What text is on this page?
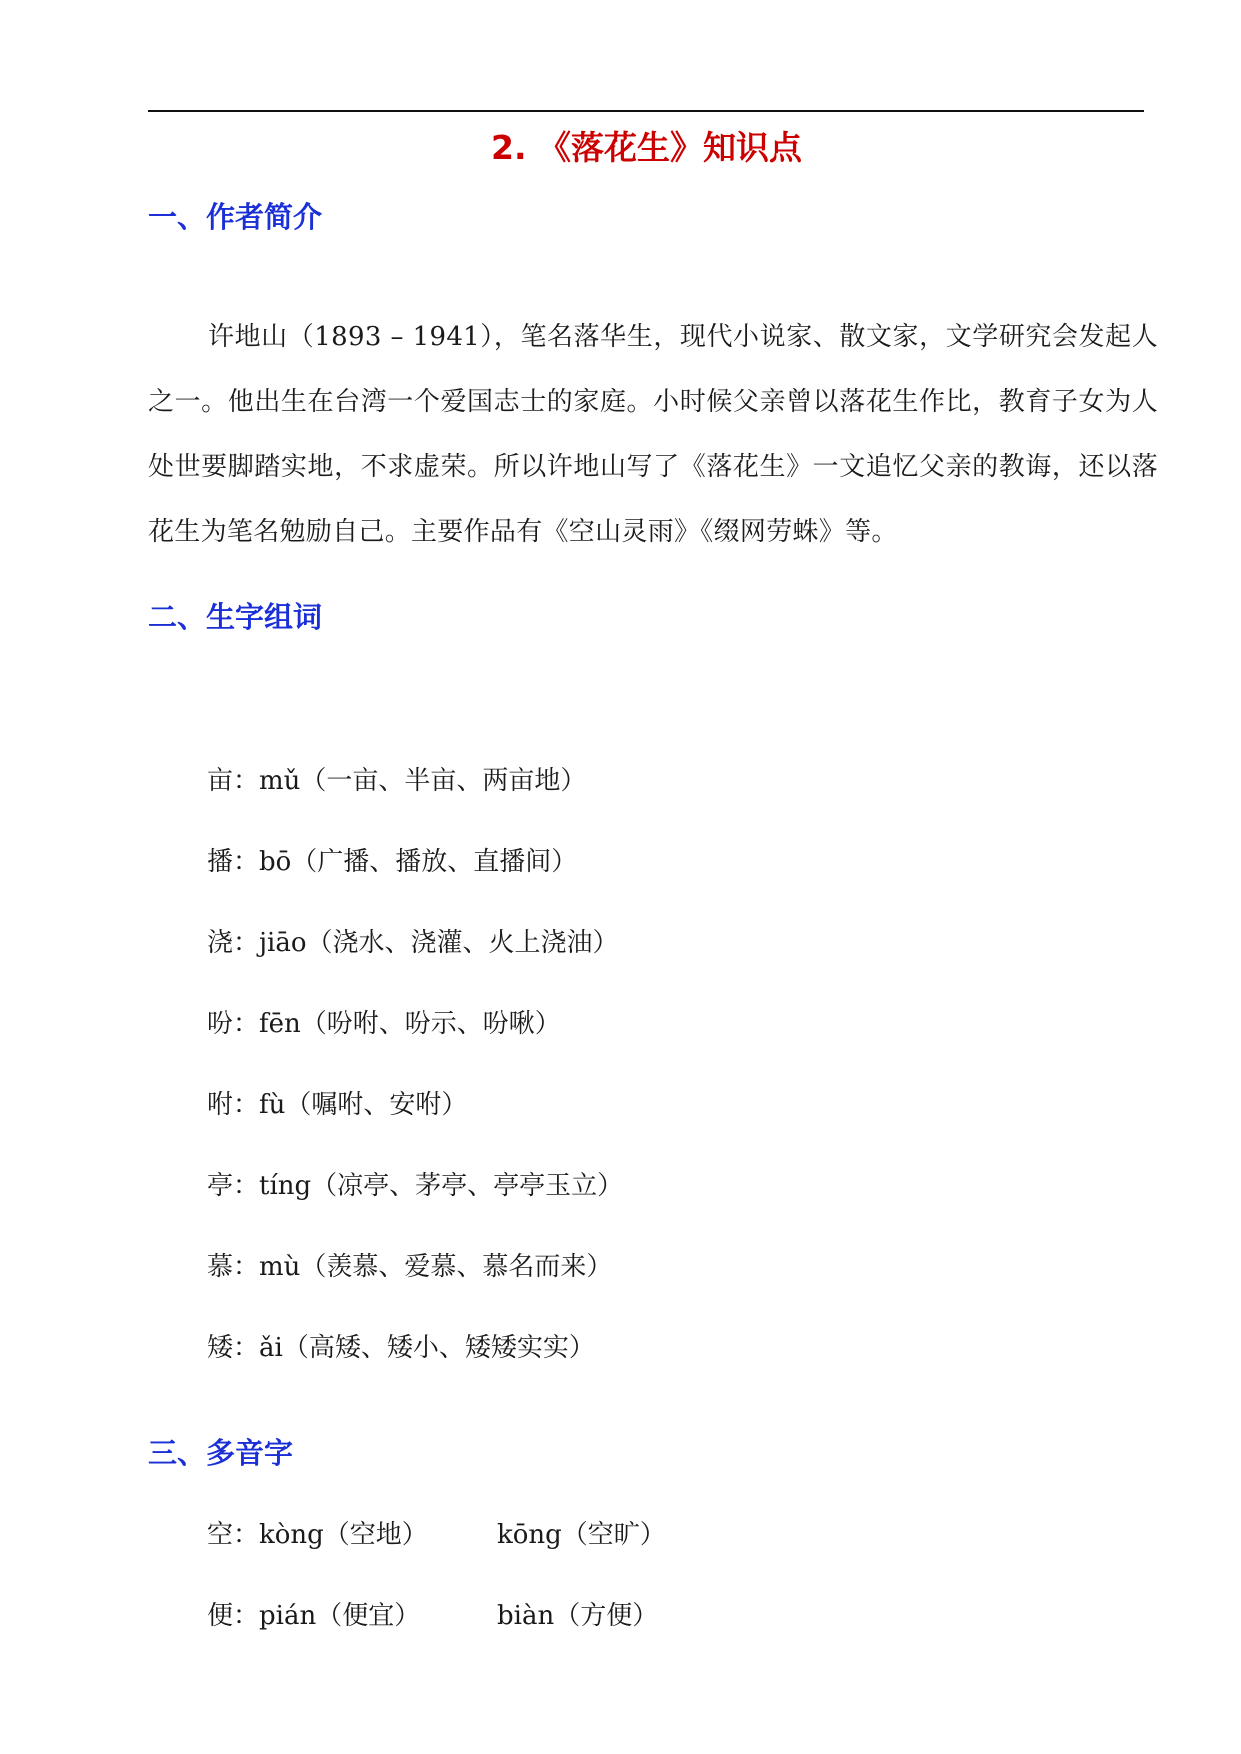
2. 《落花生》知识点
一、作者简介

许地山（1893 – 1941），笔名落华生，现代小说家、散文家，文学研究会发起人之一。他出生在台湾一个爱国志士的家庭。小时候父亲曾以落花生作比，教育子女为人处世要脚踏实地，不求虚荣。所以许地山写了《落花生》一文追忆父亲的教诲，还以落花生为笔名勉励自己。主要作品有《空山灵雨》《缀网劳蛛》等。

二、生字组词
亩：mǔ（一亩、半亩、两亩地）
播：bō（广播、播放、直播间）
浇：jiāo（浇水、浇灌、火上浇油）
吩：fēn（吩咐、吩示、吩啾）
咐：fù（嘱咐、安咐）
亭：tíng（凉亭、茅亭、亭亭玉立）
慕：mù（羡慕、爱慕、慕名而来）
矮：ǎi（高矮、矮小、矮矮实实）
三、多音字
空：kòng（空地）	kōng（空旷）
便：pián（便宜）	biàn（方便）
